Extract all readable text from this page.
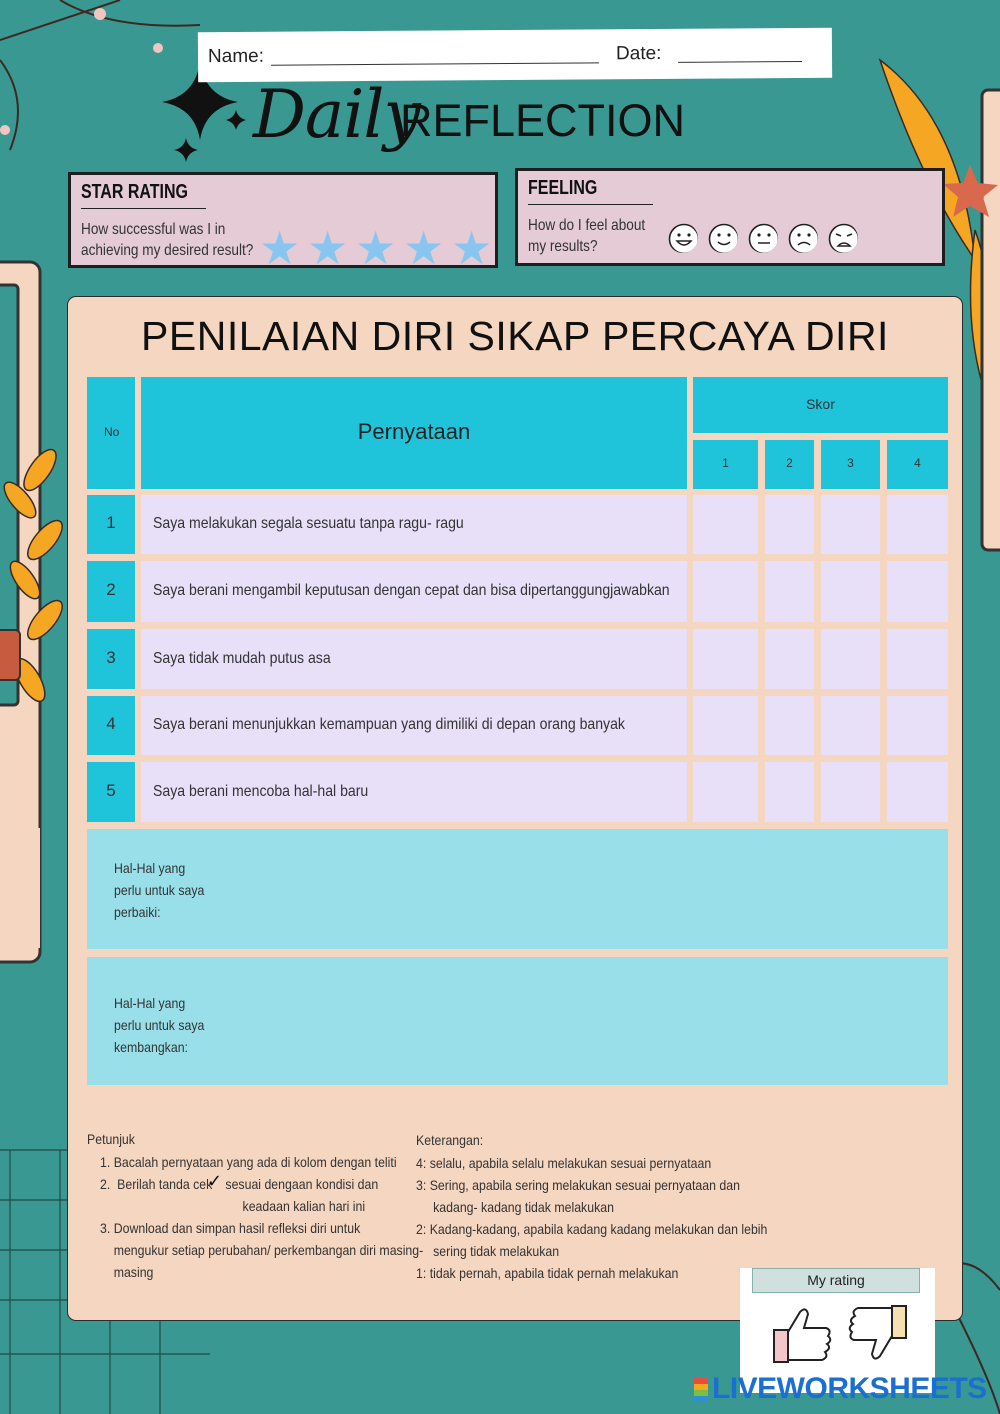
Name:	Date:
Daily
REFLECTION
STAR RATING
How successful was I in
achieving my desired result? ★ ★ ★ ★ ★
FEELING
How do I feel about
my results?
PENILAIAN DIRI SIKAP PERCAYA DIRI
No	Pernyataan
Skor
1	2	3	4
1	Saya melakukan segala sesuatu tanpa ragu- ragu
2	Saya berani mengambil keputusan dengan cepat dan bisa dipertanggungjawabkan
3	Saya tidak mudah putus asa
4	Saya berani menunjukkan kemampuan yang dimiliki di depan orang banyak
5	Saya berani mencoba hal-hal baru
Hal-Hal yang
perlu untuk saya
perbaiki:
Hal-Hal yang
perlu untuk saya
kembangkan:
Petunjuk
1. Bacalah pernyataan yang ada di kolom dengan teliti
2.  Berilah tanda cek
✓ sesuai dengaan kondisi dan
keadaan kalian hari ini
3. Download dan simpan hasil refleksi diri untuk
mengukur setiap perubahan/ perkembangan diri masing-
masing
Keterangan:
4: selalu, apabila selalu melakukan sesuai pernyataan
3: Sering, apabila sering melakukan sesuai pernyataan dan
kadang- kadang tidak melakukan
2: Kadang-kadang, apabila kadang kadang melakukan dan lebih
sering tidak melakukan
1: tidak pernah, apabila tidak pernah melakukan	My rating
LIVEWORKSHEETS
